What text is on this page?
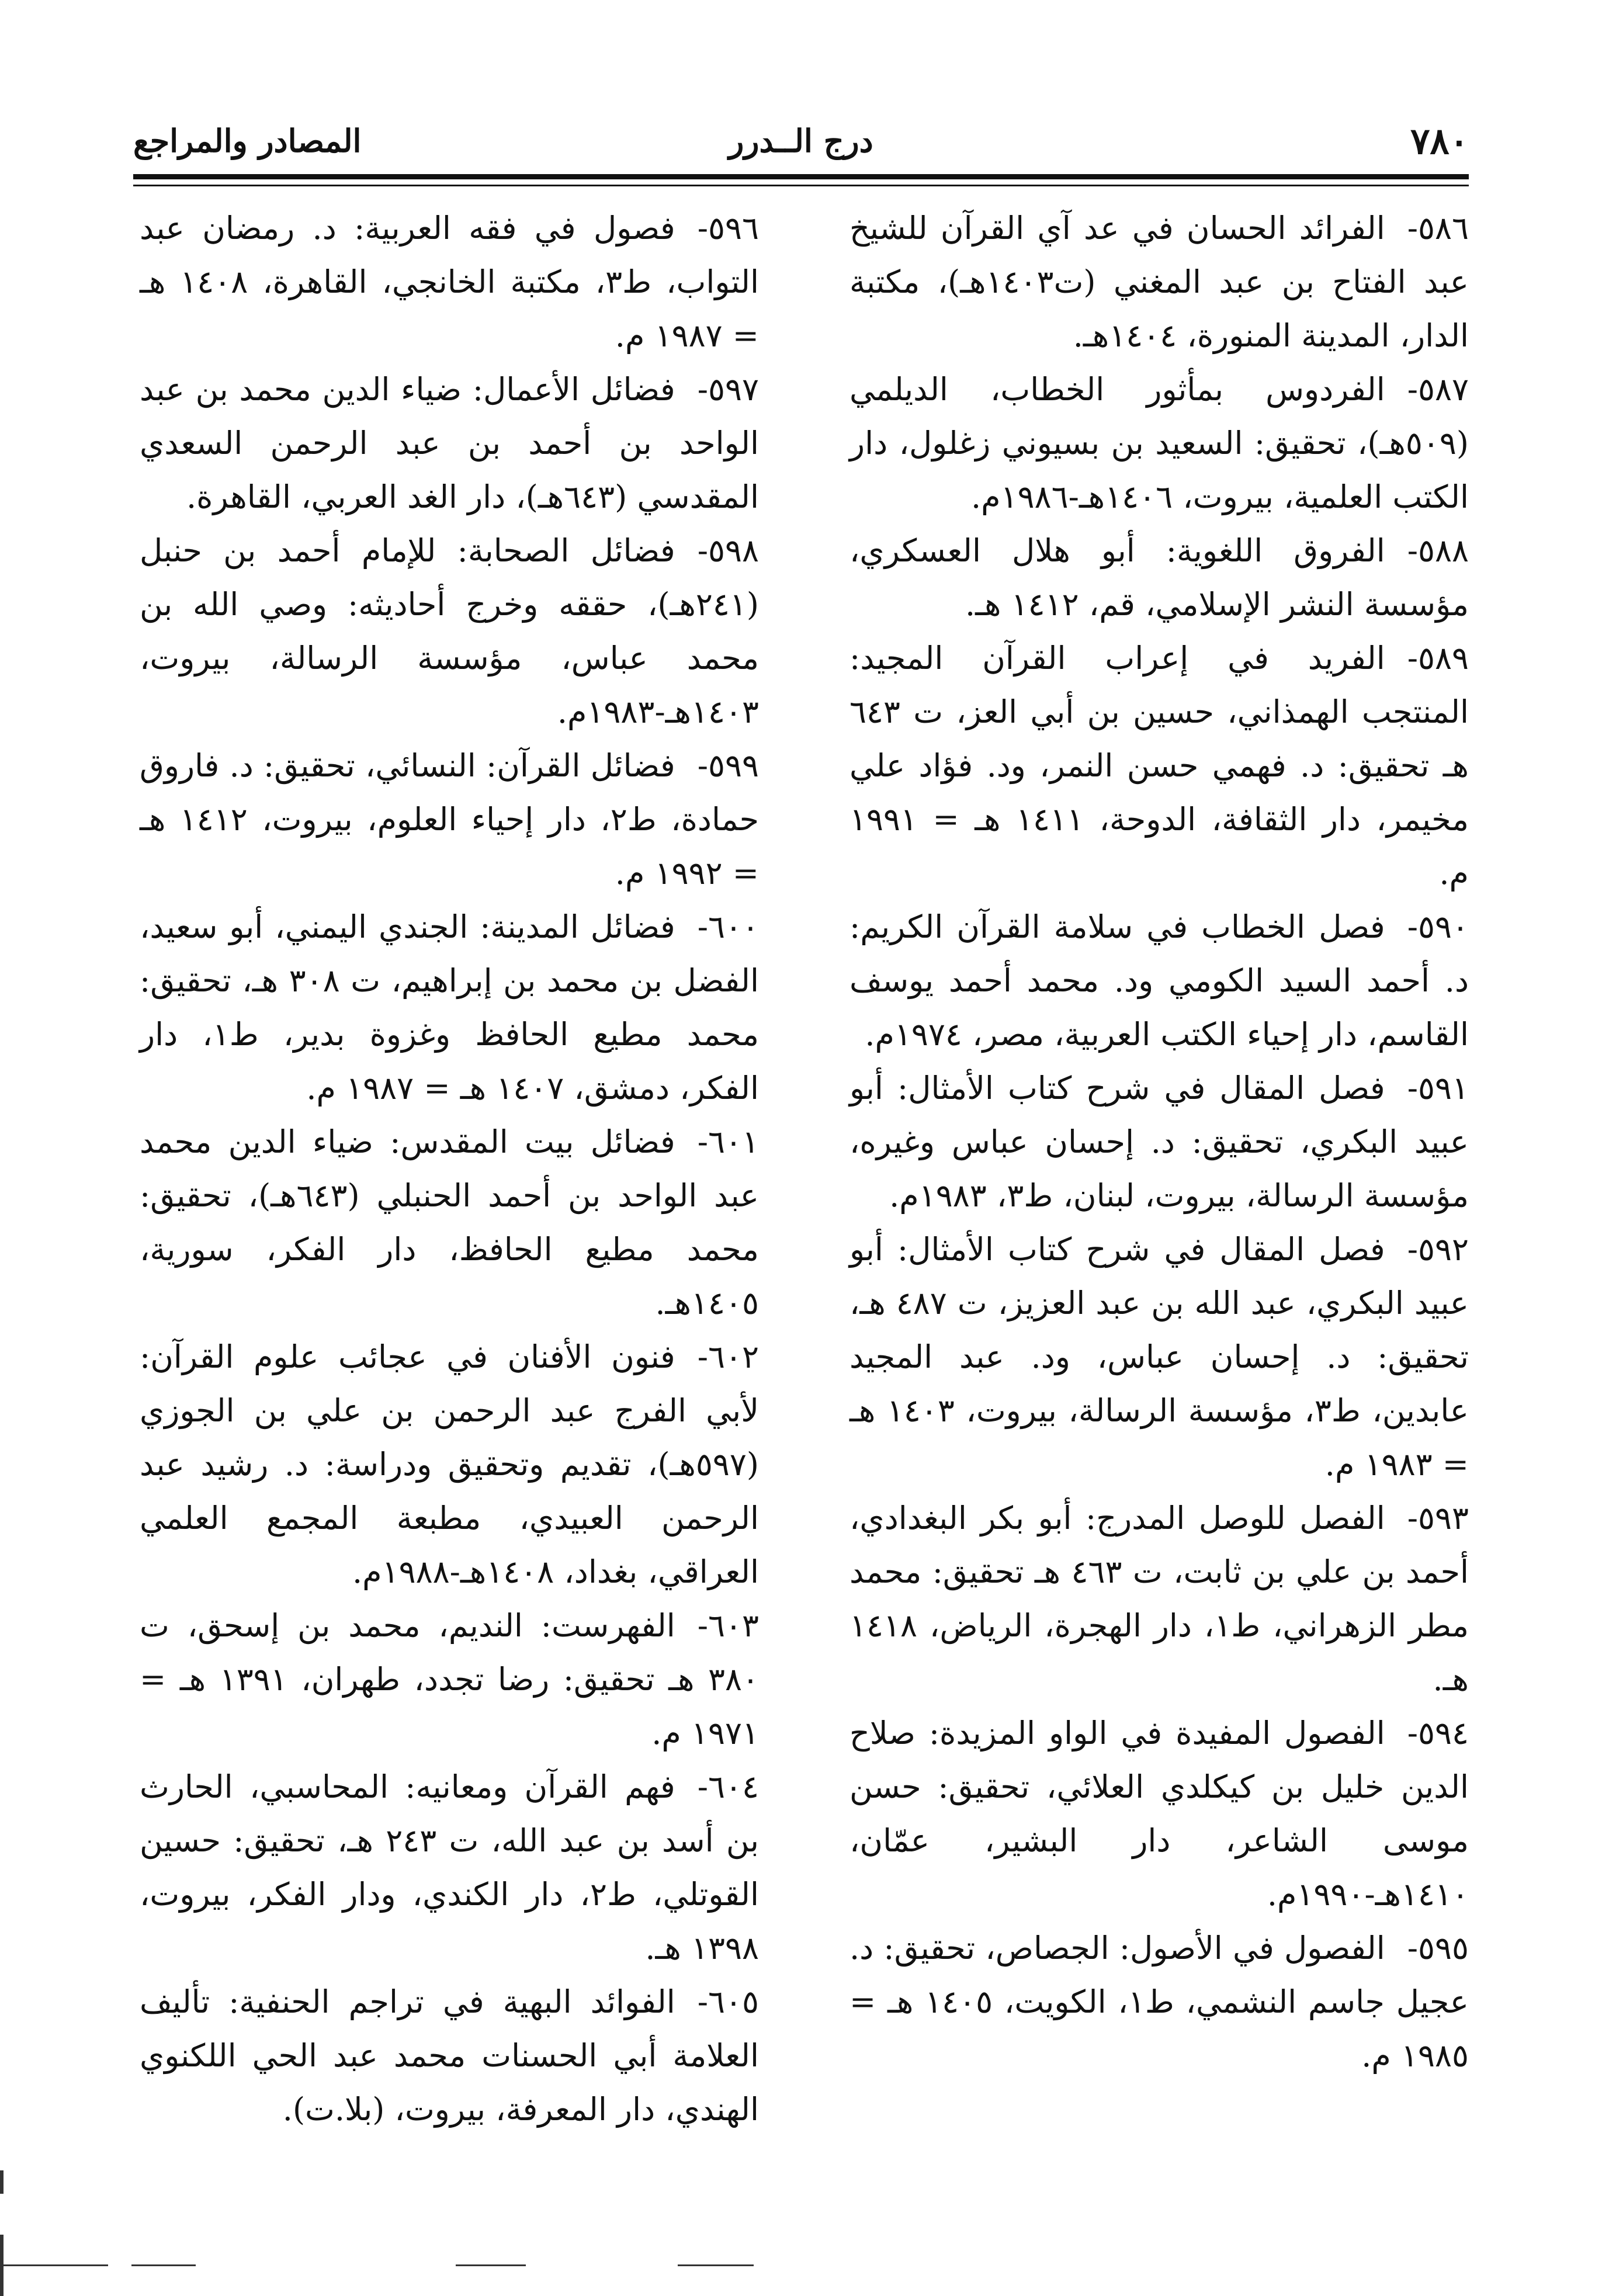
٧٨٠
درج الــدرر
المصادر والمراجع

٥٨٦-الفرائد الحسان في عد آي القرآن للشيخ عبد الفتاح بن عبد المغني (ت١٤٠٣هـ)، مكتبة الدار، المدينة المنورة، ١٤٠٤هـ.

٥٨٧-الفردوس بمأثور الخطاب، الديلمي (٥٠٩هـ)، تحقيق: السعيد بن بسيوني زغلول، دار الكتب العلمية، بيروت، ١٤٠٦هـ-١٩٨٦م.

٥٨٨-الفروق اللغوية: أبو هلال العسكري، مؤسسة النشر الإسلامي، قم، ١٤١٢ هـ.

٥٨٩-الفريد في إعراب القرآن المجيد: المنتجب الهمذاني، حسين بن أبي العز، ت ٦٤٣ هـ تحقيق: د. فهمي حسن النمر، ود. فؤاد علي مخيمر، دار الثقافة، الدوحة، ١٤١١ هـ = ١٩٩١ م.

٥٩٠-فصل الخطاب في سلامة القرآن الكريم: د. أحمد السيد الكومي ود. محمد أحمد يوسف القاسم، دار إحياء الكتب العربية، مصر، ١٩٧٤م.

٥٩١-فصل المقال في شرح كتاب الأمثال: أبو عبيد البكري، تحقيق: د. إحسان عباس وغيره، مؤسسة الرسالة، بيروت، لبنان، ط٣، ١٩٨٣م.

٥٩٢-فصل المقال في شرح كتاب الأمثال: أبو عبيد البكري، عبد الله بن عبد العزيز، ت ٤٨٧ هـ، تحقيق: د. إحسان عباس، ود. عبد المجيد عابدين، ط٣، مؤسسة الرسالة، بيروت، ١٤٠٣ هـ = ١٩٨٣ م.

٥٩٣-الفصل للوصل المدرج: أبو بكر البغدادي، أحمد بن علي بن ثابت، ت ٤٦٣ هـ تحقيق: محمد مطر الزهراني، ط١، دار الهجرة، الرياض، ١٤١٨ هـ.

٥٩٤-الفصول المفيدة في الواو المزيدة: صلاح الدين خليل بن كيكلدي العلائي، تحقيق: حسن موسى الشاعر، دار البشير، عمّان، ١٤١٠هـ-١٩٩٠م.

٥٩٥-الفصول في الأصول: الجصاص، تحقيق: د. عجيل جاسم النشمي، ط١، الكويت، ١٤٠٥ هـ = ١٩٨٥ م.

٥٩٦-فصول في فقه العربية: د. رمضان عبد التواب، ط٣، مكتبة الخانجي، القاهرة، ١٤٠٨ هـ = ١٩٨٧ م.

٥٩٧-فضائل الأعمال: ضياء الدين محمد بن عبد الواحد بن أحمد بن عبد الرحمن السعدي المقدسي (٦٤٣هـ)، دار الغد العربي، القاهرة.

٥٩٨-فضائل الصحابة: للإمام أحمد بن حنبل (٢٤١هـ)، حققه وخرج أحاديثه: وصي الله بن محمد عباس، مؤسسة الرسالة، بيروت، ١٤٠٣هـ-١٩٨٣م.

٥٩٩-فضائل القرآن: النسائي، تحقيق: د. فاروق حمادة، ط٢، دار إحياء العلوم، بيروت، ١٤١٢ هـ = ١٩٩٢ م.

٦٠٠-فضائل المدينة: الجندي اليمني، أبو سعيد، الفضل بن محمد بن إبراهيم، ت ٣٠٨ هـ، تحقيق: محمد مطيع الحافظ وغزوة بدير، ط١، دار الفكر، دمشق، ١٤٠٧ هـ = ١٩٨٧ م.

٦٠١-فضائل بيت المقدس: ضياء الدين محمد عبد الواحد بن أحمد الحنبلي (٦٤٣هـ)، تحقيق: محمد مطيع الحافظ، دار الفكر، سورية، ١٤٠٥هـ.

٦٠٢-فنون الأفنان في عجائب علوم القرآن: لأبي الفرج عبد الرحمن بن علي بن الجوزي (٥٩٧هـ)، تقديم وتحقيق ودراسة: د. رشيد عبد الرحمن العبيدي، مطبعة المجمع العلمي العراقي، بغداد، ١٤٠٨هـ-١٩٨٨م.

٦٠٣-الفهرست: النديم، محمد بن إسحق، ت ٣٨٠ هـ تحقيق: رضا تجدد، طهران، ١٣٩١ هـ = ١٩٧١ م.

٦٠٤-فهم القرآن ومعانيه: المحاسبي، الحارث بن أسد بن عبد الله، ت ٢٤٣ هـ، تحقيق: حسين القوتلي، ط٢، دار الكندي، ودار الفكر، بيروت، ١٣٩٨ هـ.

٦٠٥-الفوائد البهية في تراجم الحنفية: تأليف العلامة أبي الحسنات محمد عبد الحي اللكنوي الهندي، دار المعرفة، بيروت، (بلا.ت).
